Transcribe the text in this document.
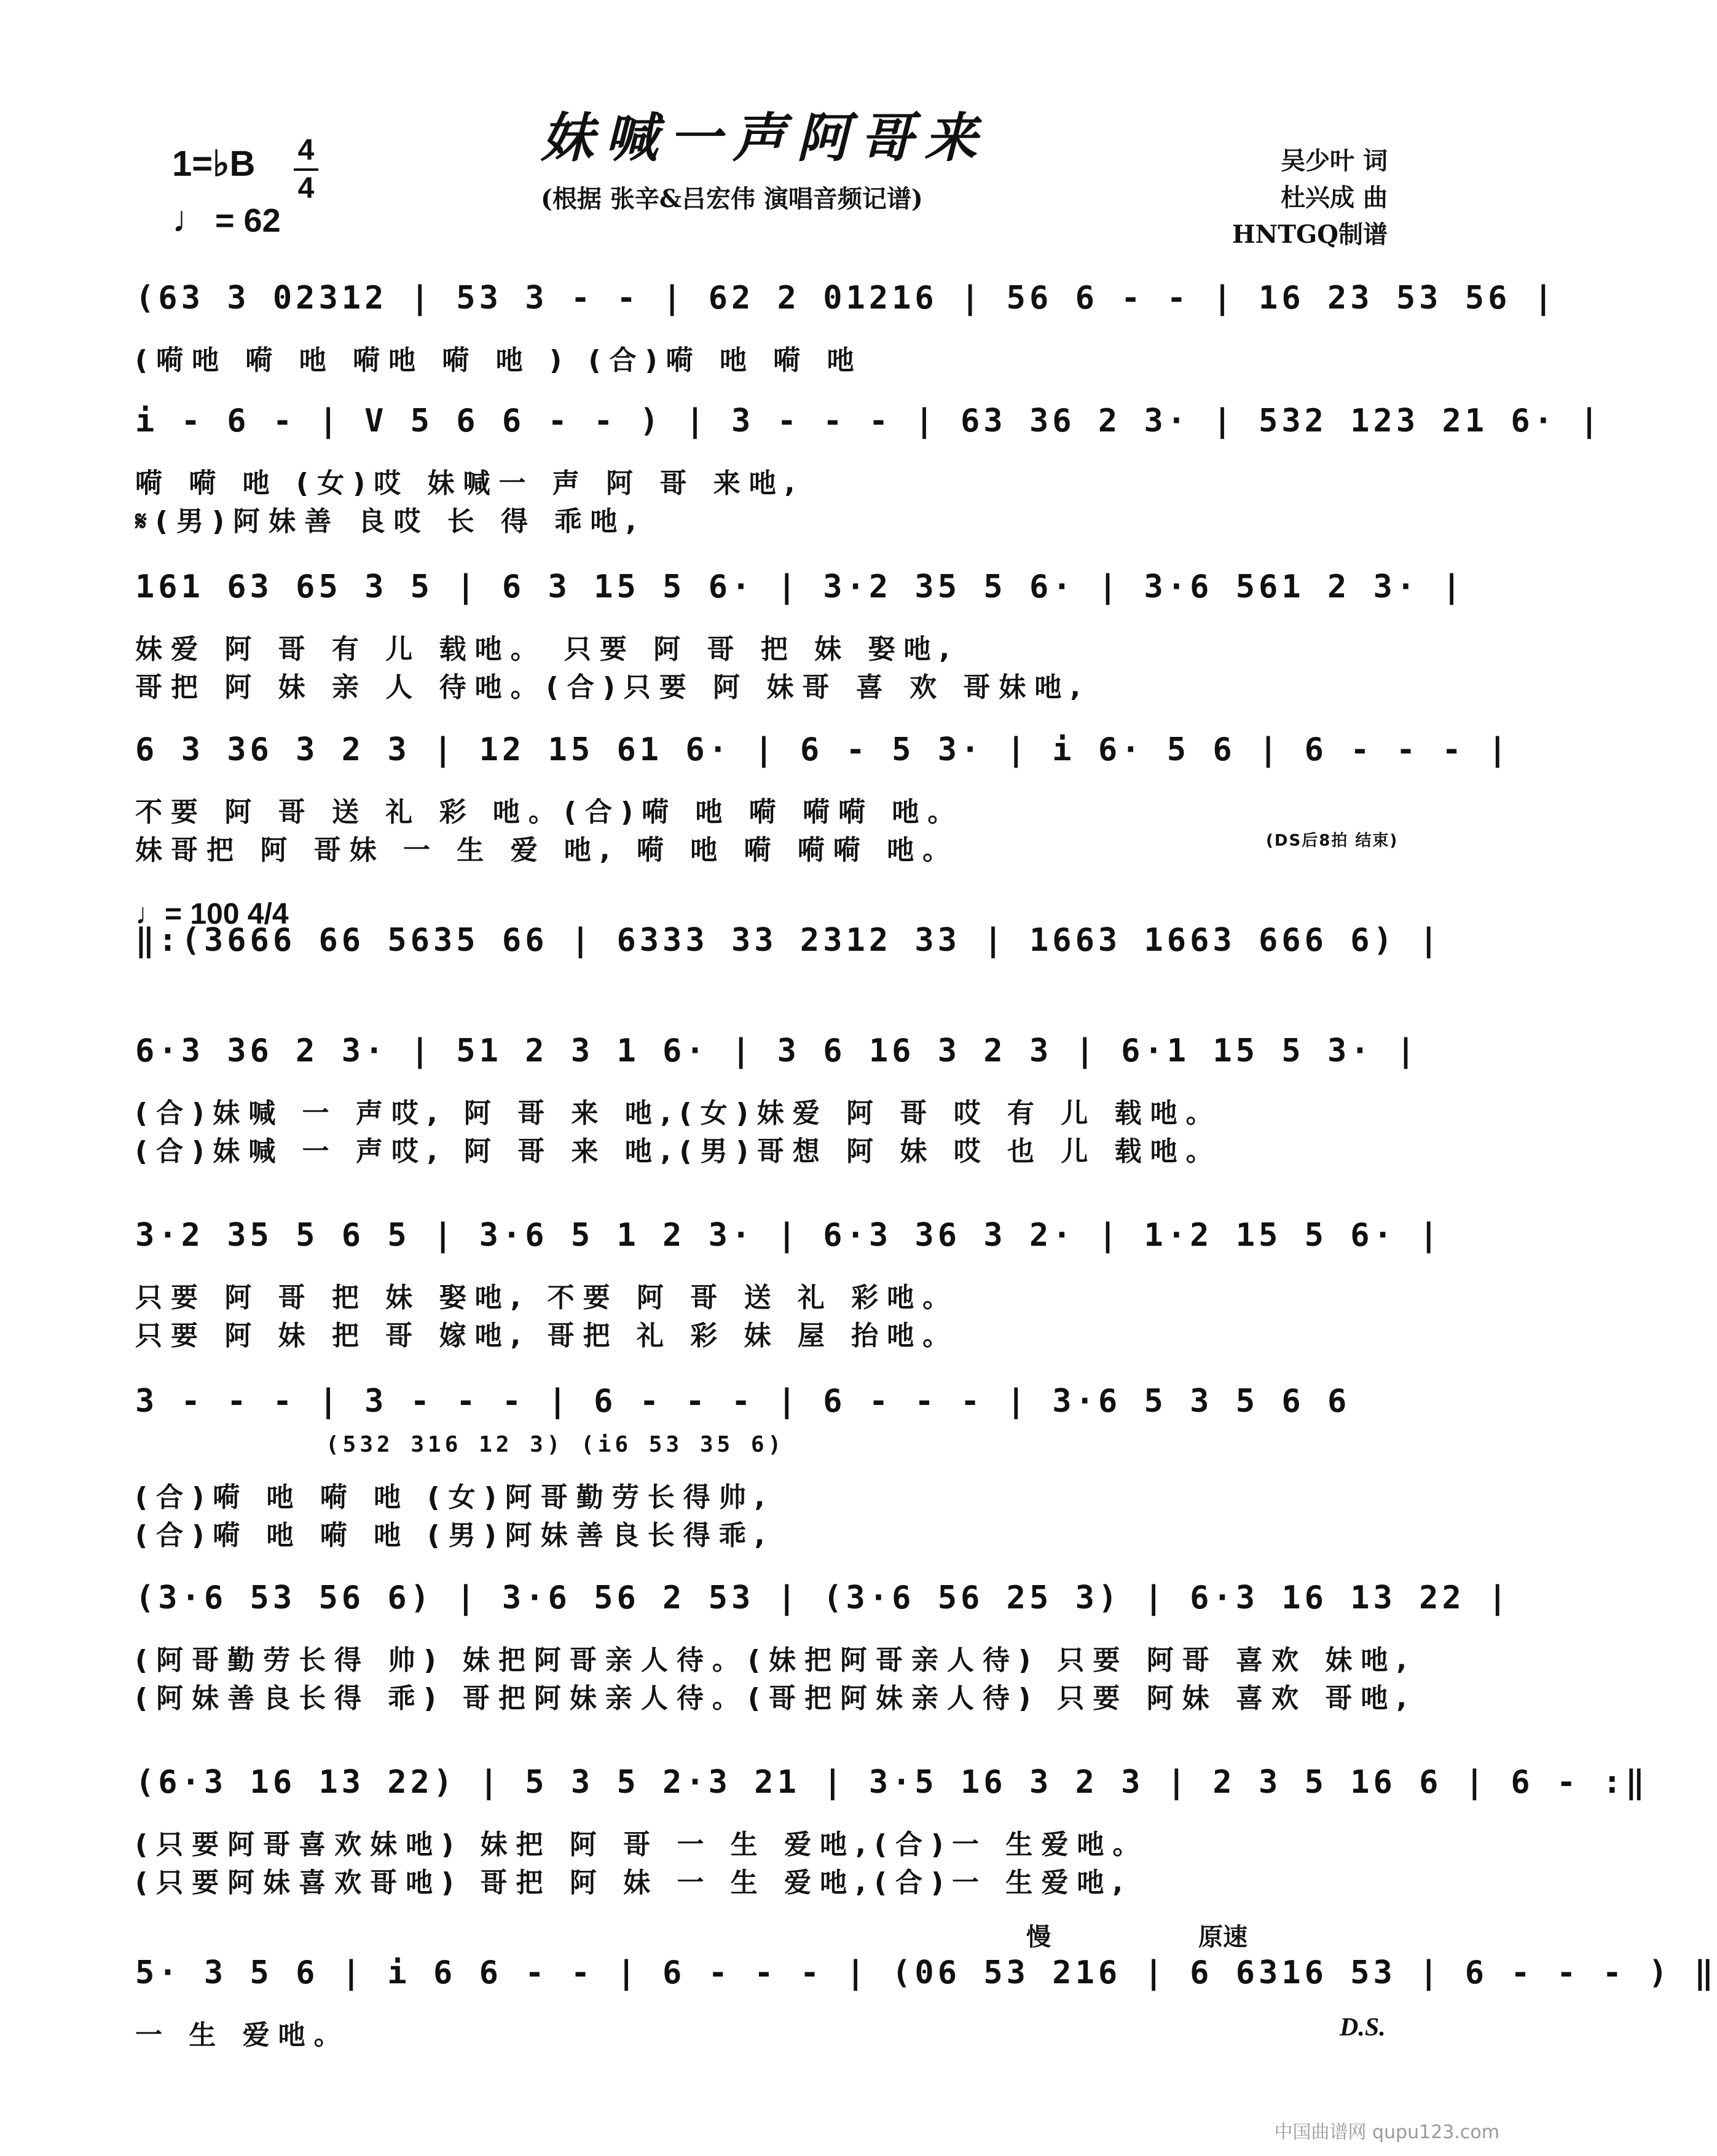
1=♭B 4
4
♩ = 62
妹喊一声阿哥来
(根据 张辛&吕宏伟 演唱音频记谱)
吴少叶 词
杜兴成 曲
HNTGQ制谱
(63 3 02312 | 53 3 - - | 62 2 01216 | 56 6 - - | 16 23 53 56 |
(嗬吔 嗬 吔 嗬吔 嗬 吔 ) (合)嗬 吔 嗬 吔
i - 6 - | V 5 6 6 - - ) | 3 - - - | 63 36 2 3· | 532 123 21 6· |
嗬 嗬 吔 (女)哎 妹喊一 声 阿 哥 来吔,
𝄋(男)阿妹善 良哎 长 得 乖吔,
161 63 65 3 5 | 6 3 15 5 6· | 3·2 35 5 6· | 3·6 561 2 3· |
妹爱 阿 哥 有 儿 载吔。 只要 阿 哥 把 妹 娶吔,
哥把 阿 妹 亲 人 待吔。(合)只要 阿 妹哥 喜 欢 哥妹吔,
6 3 36 3 2 3 | 12 15 61 6· | 6 - 5 3· | i 6· 5 6 | 6 - - - |
不要 阿 哥 送 礼 彩 吔。(合)嗬 吔 嗬 嗬嗬 吔。
妹哥把 阿 哥妹 一 生 爱 吔, 嗬 吔 嗬 嗬嗬 吔。	(DS后8拍 结束)
♩= 100 4/4
‖:(3666 66 5635 66 | 6333 33 2312 33 | 1663 1663 666 6) |
6·3 36 2 3· | 51 2 3 1 6· | 3 6 16 3 2 3 | 6·1 15 5 3· |
(合)妹喊 一 声哎, 阿 哥 来 吔,(女)妹爱 阿 哥 哎 有 儿 载吔。
(合)妹喊 一 声哎, 阿 哥 来 吔,(男)哥想 阿 妹 哎 也 儿 载吔。
3·2 35 5 6 5 | 3·6 5 1 2 3· | 6·3 36 3 2· | 1·2 15 5 6· |
只要 阿 哥 把 妹 娶吔, 不要 阿 哥 送 礼 彩吔。
只要 阿 妹 把 哥 嫁吔, 哥把 礼 彩 妹 屋 抬吔。
3 - - - | 3 - - - | 6 - - - | 6 - - - | 3·6 5 3 5 6 6
(532 316 12 3) (i6 53 35 6)
(合)嗬 吔 嗬 吔 (女)阿哥勤劳长得帅,
(合)嗬 吔 嗬 吔 (男)阿妹善良长得乖,
(3·6 53 56 6) | 3·6 56 2 53 | (3·6 56 25 3) | 6·3 16 13 22 |
(阿哥勤劳长得 帅) 妹把阿哥亲人待。(妹把阿哥亲人待) 只要 阿哥 喜欢 妹吔,
(阿妹善良长得 乖) 哥把阿妹亲人待。(哥把阿妹亲人待) 只要 阿妹 喜欢 哥吔,
(6·3 16 13 22) | 5 3 5 2·3 21 | 3·5 16 3 2 3 | 2 3 5 16 6 | 6 - :‖
(只要阿哥喜欢妹吔) 妹把 阿 哥 一 生 爱吔,(合)一 生爱吔。
(只要阿妹喜欢哥吔) 哥把 阿 妹 一 生 爱吔,(合)一 生爱吔,
慢	原速
5· 3 5 6 | i 6 6 - - | 6 - - - | (06 53 216 | 6 6316 53 | 6 - - - ) ‖
一 生 爱吔。	D.S.
中国曲谱网 qupu123.com
